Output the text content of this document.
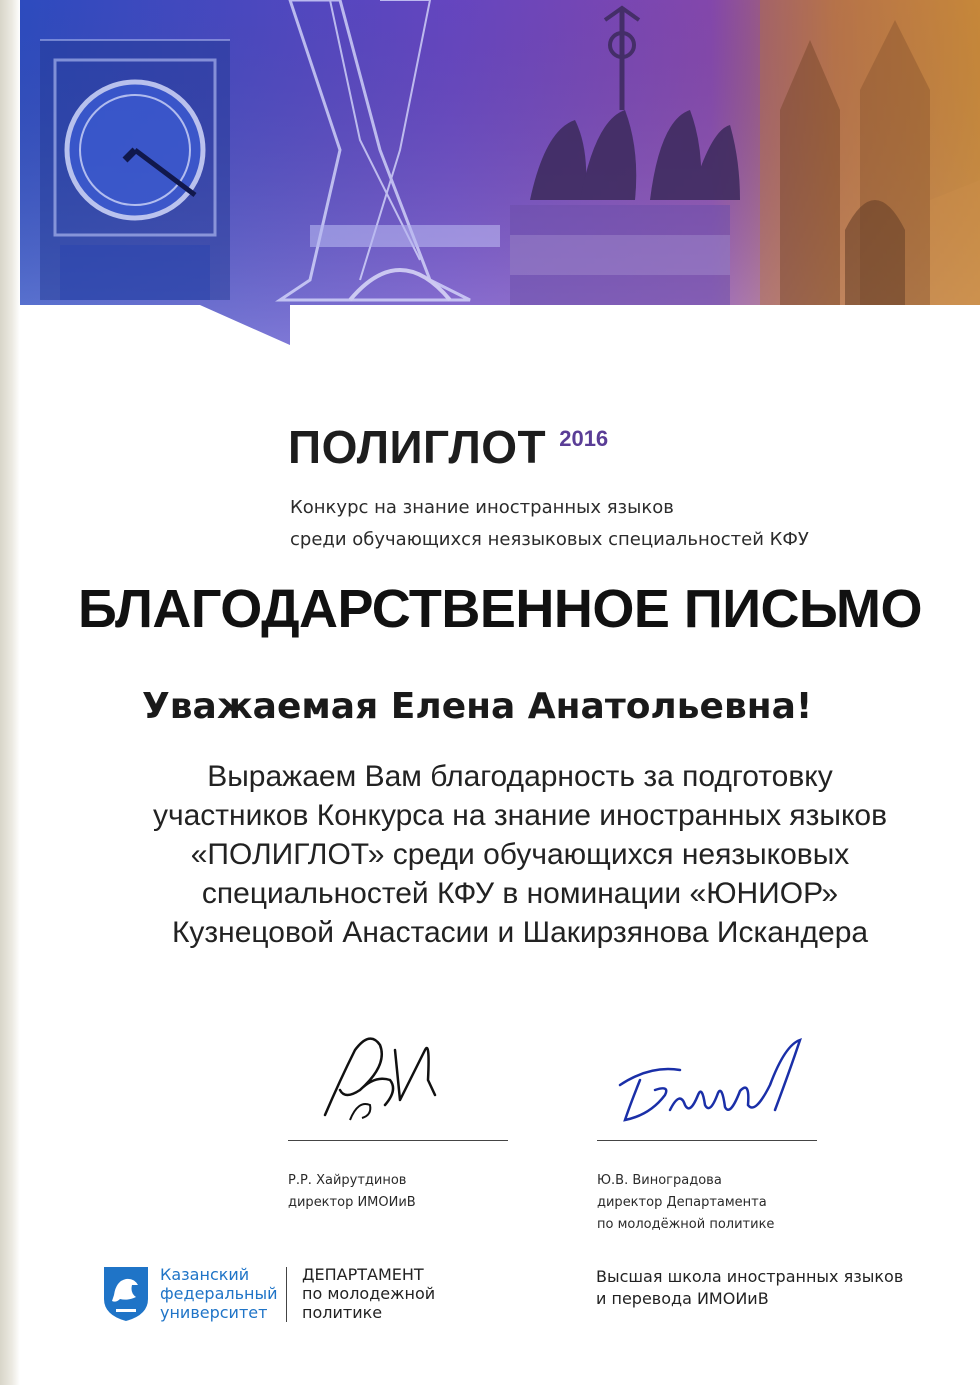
ПОЛИГЛОТ 2016
Конкурс на знание иностранных языков
среди обучающихся неязыковых специальностей КФУ
БЛАГОДАРСТВЕННОЕ ПИСЬМО
Уважаемая Елена Анатольевна!
Выражаем Вам благодарность за подготовку
участников Конкурса на знание иностранных языков
«ПОЛИГЛОТ» среди обучающихся неязыковых
специальностей КФУ в номинации «ЮНИОР»
Кузнецовой Анастасии и Шакирзянова Искандера
Р.Р. Хайрутдинов
директор ИМОИиВ
Ю.В. Виноградова
директор Департамента
по молодёжной политике
Казанский
федеральный
университет
ДЕПАРТАМЕНТ
по молодежной
политике
Высшая школа иностранных языков
и перевода ИМОИиВ
